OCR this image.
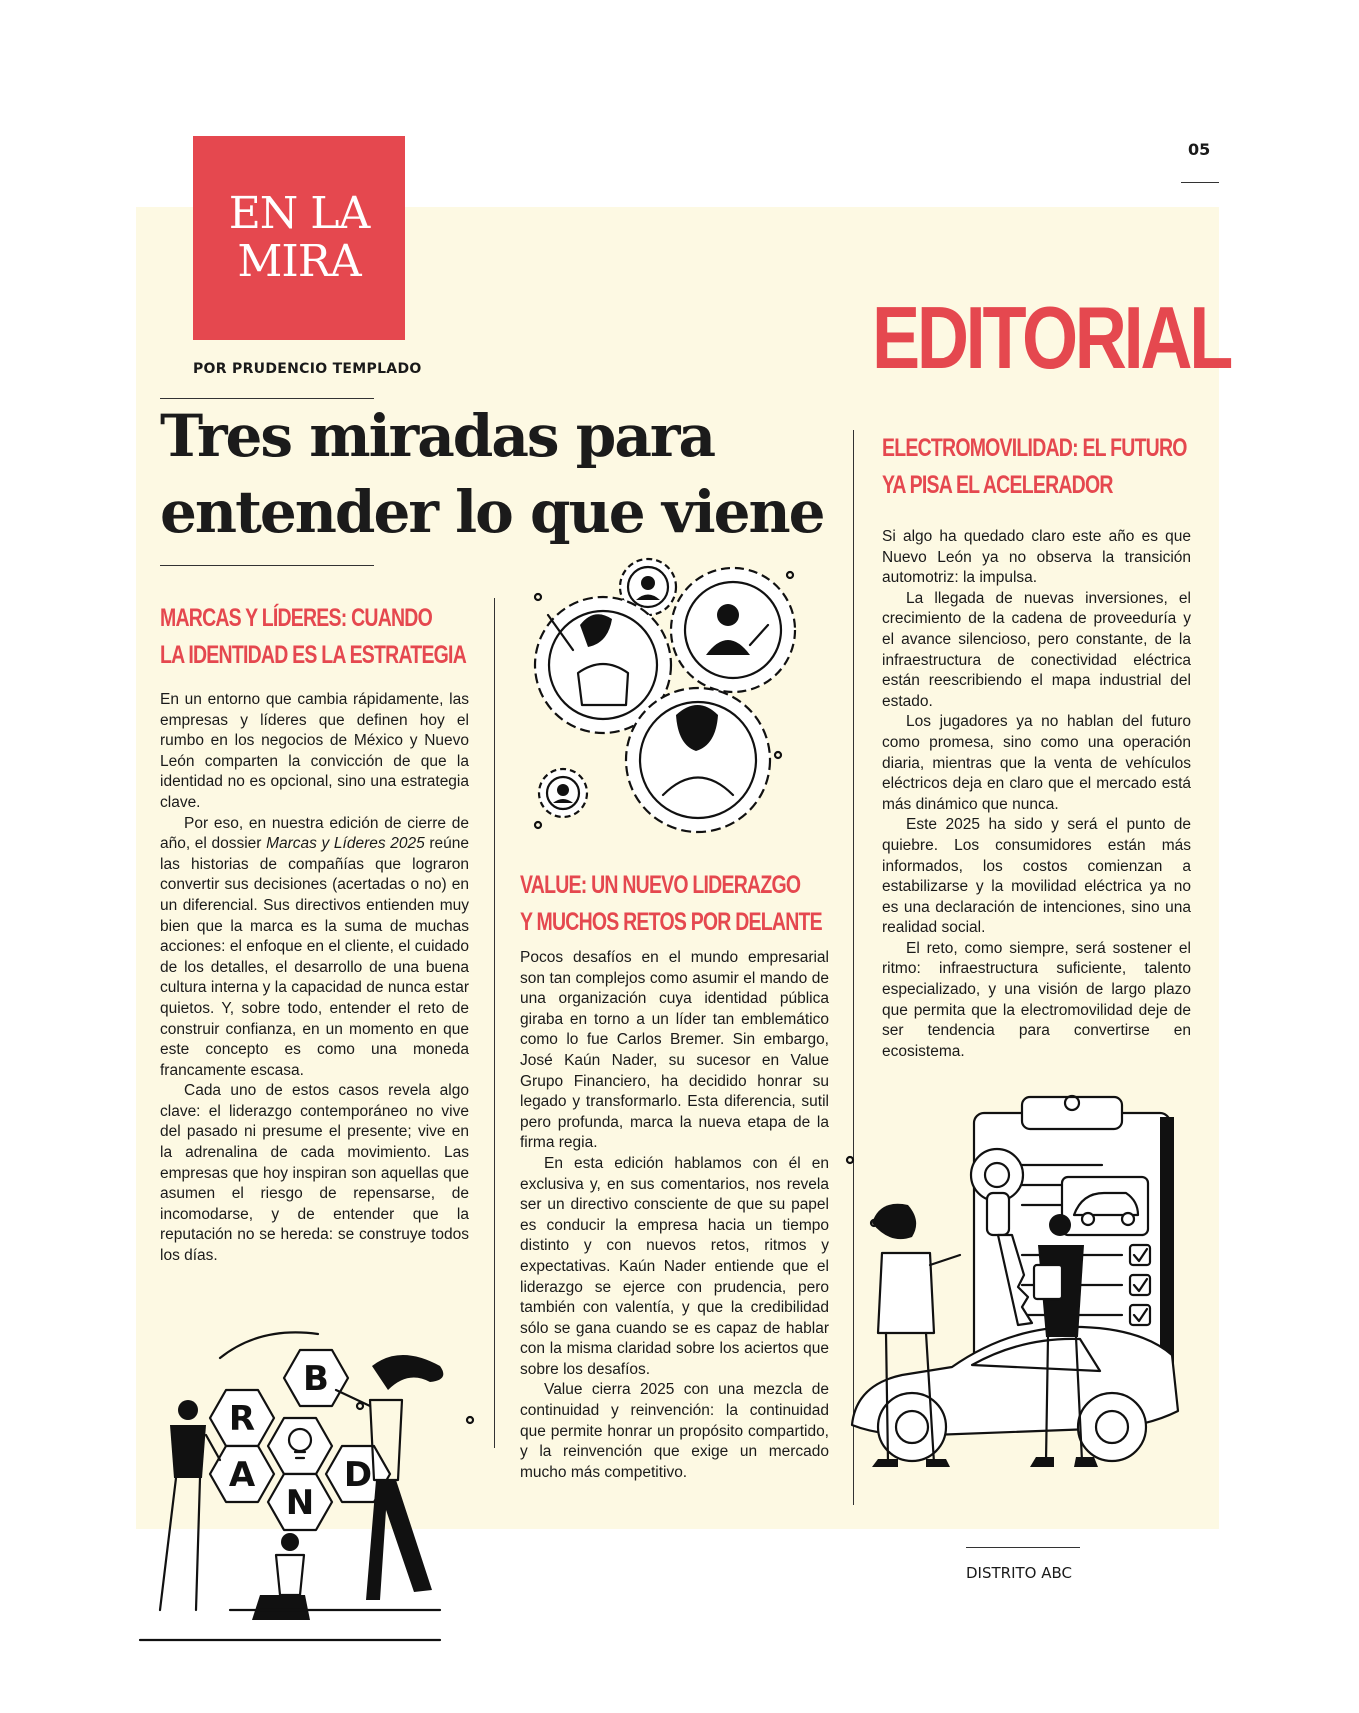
EN LA
MIRA
05
POR PRUDENCIO TEMPLADO
Tres miradas para
entender lo que viene
EDITORIAL
MARCAS Y LÍDERES: CUANDO
LA IDENTIDAD ES LA ESTRATEGIA

En un entorno que cambia rápidamente, las empresas y líderes que definen hoy el rumbo en los negocios de México y Nuevo León comparten la convicción de que la identidad no es opcional, sino una estrategia clave.

Por eso, en nuestra edición de cierre de año, el dossier Marcas y Líderes 2025 reúne las historias de compañías que lograron convertir sus decisiones (acertadas o no) en un diferencial. Sus directivos entienden muy bien que la marca es la suma de muchas acciones: el enfoque en el cliente, el cuidado de los detalles, el desarrollo de una buena cultura interna y la capacidad de nunca estar quietos. Y, sobre todo, entender el reto de construir confianza, en un momento en que este concepto es como una moneda francamente escasa.

Cada uno de estos casos revela algo clave: el liderazgo contemporáneo no vive del pasado ni presume el presente; vive en la adrenalina de cada movimiento. Las empresas que hoy inspiran son aquellas que asumen el riesgo de repensarse, de incomodarse, y de entender que la reputación no se hereda: se construye todos los días.

VALUE: UN NUEVO LIDERAZGO
Y MUCHOS RETOS POR DELANTE

Pocos desafíos en el mundo empresarial son tan complejos como asumir el mando de una organización cuya identidad pública giraba en torno a un líder tan emblemático como lo fue Carlos Bremer. Sin embargo, José Kaún Nader, su sucesor en Value Grupo Financiero, ha decidido honrar su legado y transformarlo. Esta diferencia, sutil pero profunda, marca la nueva etapa de la firma regia.

En esta edición hablamos con él en exclusiva y, en sus comentarios, nos revela ser un directivo consciente de que su papel es conducir la empresa hacia un tiempo distinto y con nuevos retos, ritmos y expectativas. Kaún Nader entiende que el liderazgo se ejerce con prudencia, pero también con valentía, y que la credibilidad sólo se gana cuando se es capaz de hablar con la misma claridad sobre los aciertos que sobre los desafíos.

Value cierra 2025 con una mezcla de continuidad y reinvención: la continuidad que permite honrar un propósito compartido, y la reinvención que exige un mercado mucho más competitivo.

ELECTROMOVILIDAD: EL FUTURO
YA PISA EL ACELERADOR

Si algo ha quedado claro este año es que Nuevo León ya no observa la transición automotriz: la impulsa.

La llegada de nuevas inversiones, el crecimiento de la cadena de proveeduría y el avance silencioso, pero constante, de la infraestructura de conectividad eléctrica están reescribiendo el mapa industrial del estado.

Los jugadores ya no hablan del futuro como promesa, sino como una operación diaria, mientras que la venta de vehículos eléctricos deja en claro que el mercado está más dinámico que nunca.

Este 2025 ha sido y será el punto de quiebre. Los consumidores están más informados, los costos comienzan a estabilizarse y la movilidad eléctrica ya no es una declaración de intenciones, sino una realidad social.

El reto, como siempre, será sostener el ritmo: infraestructura suficiente, talento especializado, y una visión de largo plazo que permita que la electromovilidad deje de ser tendencia para convertirse en ecosistema.

B
R
A
N
D
DISTRITO ABC
